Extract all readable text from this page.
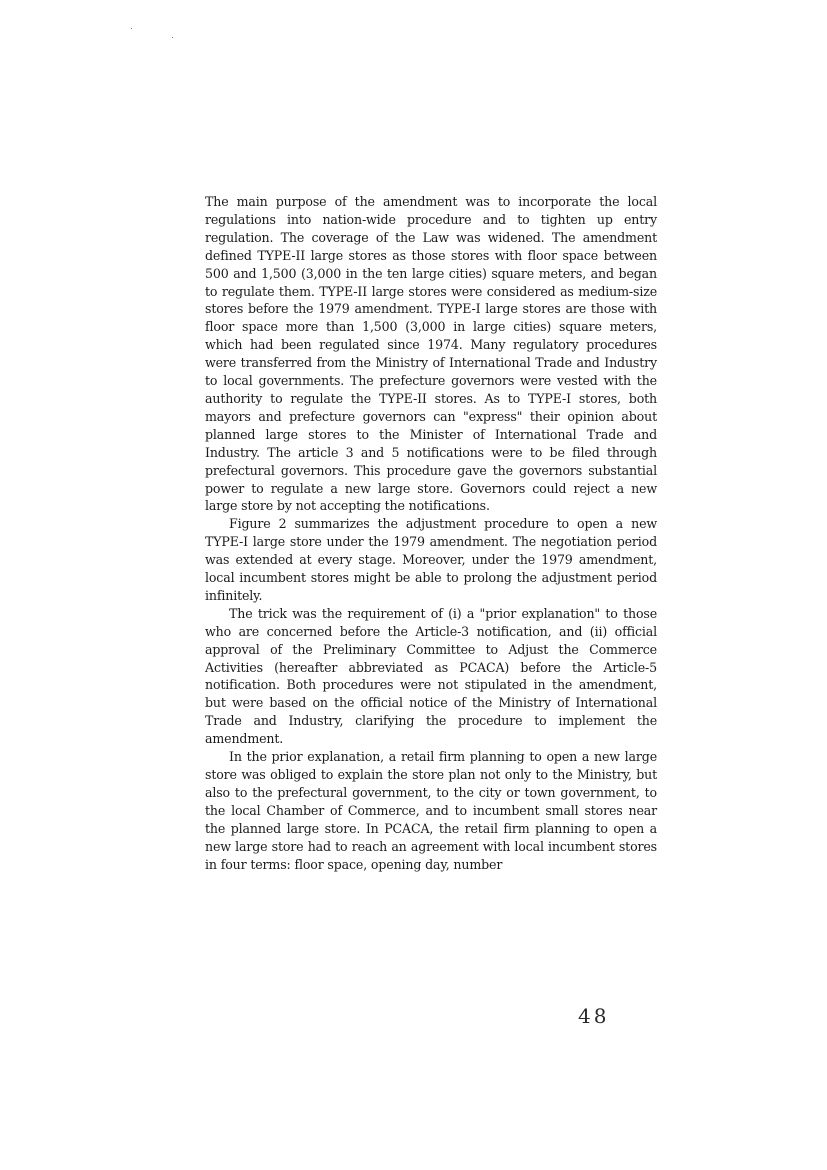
The main purpose of the amendment was to incorporate the local regulations into nation-wide procedure and to tighten up entry regulation. The coverage of the Law was widened. The amendment defined TYPE-II large stores as those stores with floor space between 500 and 1,500 (3,000 in the ten large cities) square meters, and began to regulate them. TYPE-II large stores were considered as medium-size stores before the 1979 amendment. TYPE-I large stores are those with floor space more than 1,500 (3,000 in large cities) square meters, which had been regulated since 1974. Many regulatory procedures were transferred from the Ministry of International Trade and Industry to local governments. The prefecture governors were vested with the authority to regulate the TYPE-II stores. As to TYPE-I stores, both mayors and prefecture governors can "express" their opinion about planned large stores to the Minister of International Trade and Industry. The article 3 and 5 notifications were to be filed through prefectural governors. This procedure gave the governors substantial power to regulate a new large store. Governors could reject a new large store by not accepting the notifications.

Figure 2 summarizes the adjustment procedure to open a new TYPE-I large store under the 1979 amendment. The negotiation period was extended at every stage. Moreover, under the 1979 amendment, local incumbent stores might be able to prolong the adjustment period infinitely.

The trick was the requirement of (i) a "prior explanation" to those who are concerned before the Article-3 notification, and (ii) official approval of the Preliminary Committee to Adjust the Commerce Activities (hereafter abbreviated as PCACA) before the Article-5 notification. Both procedures were not stipulated in the amendment, but were based on the official notice of the Ministry of International Trade and Industry, clarifying the procedure to implement the amendment.

In the prior explanation, a retail firm planning to open a new large store was obliged to explain the store plan not only to the Ministry, but also to the prefectural government, to the city or town government, to the local Chamber of Commerce, and to incumbent small stores near the planned large store. In PCACA, the retail firm planning to open a new large store had to reach an agreement with local incumbent stores in four terms: floor space, opening day, number

48
